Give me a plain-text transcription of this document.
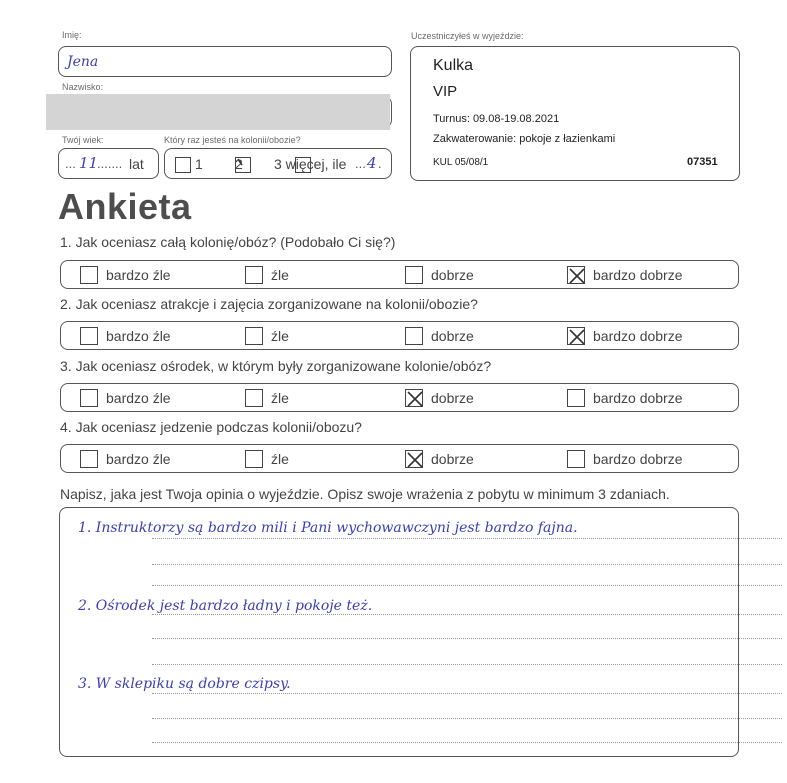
Imię:
Jena
Nazwisko:
Twój wiek:
... 11
....... lat
Który raz jesteś na kolonii/obozie?

1
2 3 więcej, ile ... 4 .
Uczestniczyłeś w wyjeździe:
Kulka
VIP
Turnus: 09.08-19.08.2021
Zakwaterowanie: pokoje z łazienkami
KUL 05/08/1	07351
Ankieta
1. Jak oceniasz całą kolonię/obóz? (Podobało Ci się?)
bardzo źle	źle	dobrze	bardzo dobrze
2. Jak oceniasz atrakcje i zajęcia zorganizowane na kolonii/obozie?
bardzo źle	źle	dobrze	bardzo dobrze
3. Jak oceniasz ośrodek, w którym były zorganizowane kolonie/obóz?
bardzo źle	źle	dobrze	bardzo dobrze
4. Jak oceniasz jedzenie podczas kolonii/obozu?
bardzo źle	źle	dobrze	bardzo dobrze
Napisz, jaka jest Twoja opinia o wyjeździe. Opisz swoje wrażenia z pobytu w minimum 3 zdaniach.
1. Instruktorzy są bardzo mili i Pani wychowawczyni jest bardzo fajna.
2. Ośrodek jest bardzo ładny i pokoje też.
3. W sklepiku są dobre czipsy.
